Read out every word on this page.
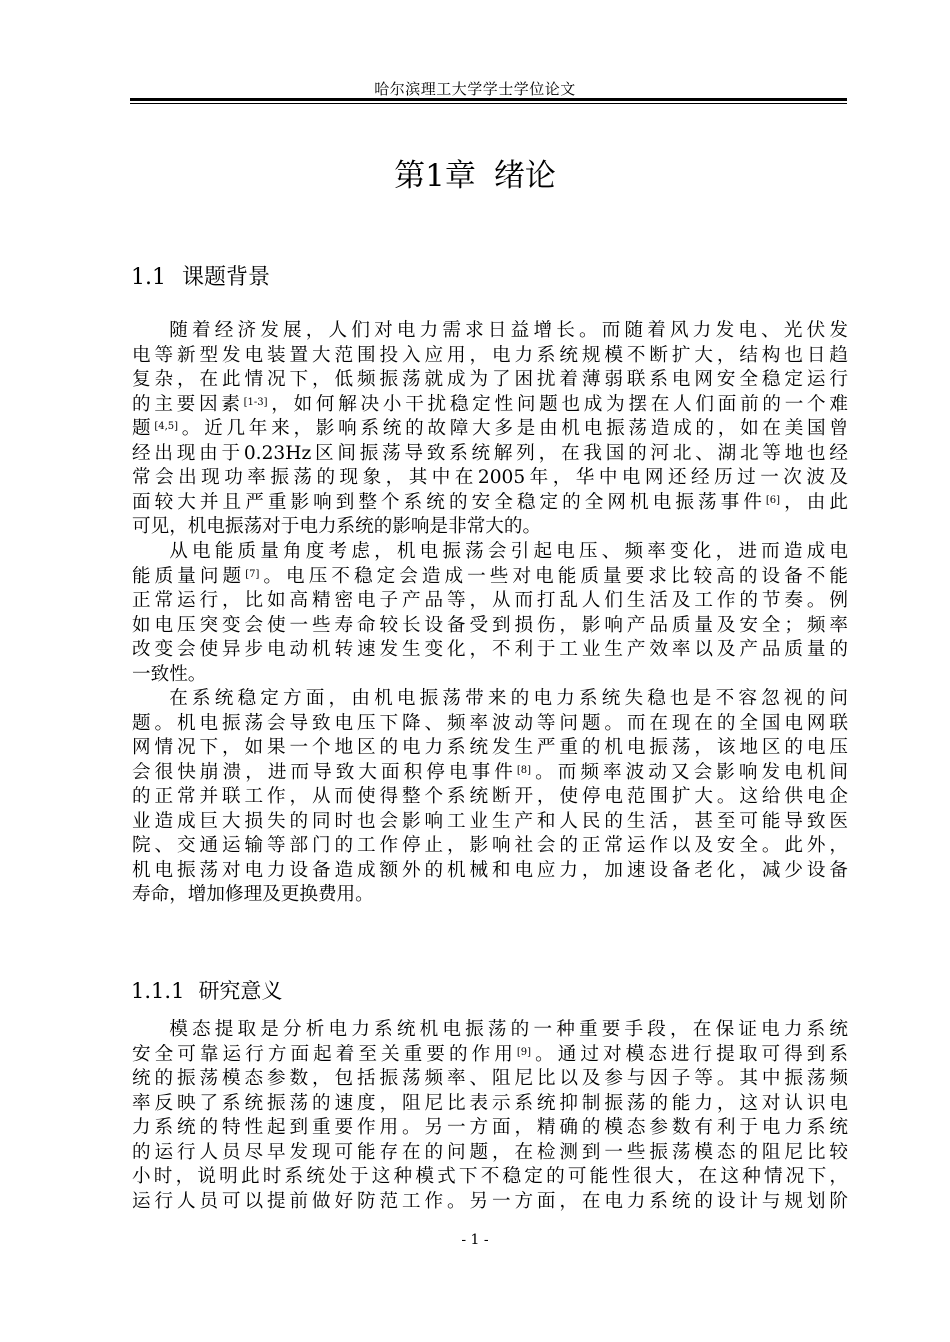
哈尔滨理工大学学士学位论文
第1章 绪论
1.1 课题背景
随着经济发展，人们对电力需求日益增长。而随着风力发电、光伏发
电等新型发电装置大范围投入应用，电力系统规模不断扩大，结构也日趋
复杂，在此情况下，低频振荡就成为了困扰着薄弱联系电网安全稳定运行
的主要因素[1-3]，如何解决小干扰稳定性问题也成为摆在人们面前的一个难
题[4,5]。近几年来，影响系统的故障大多是由机电振荡造成的，如在美国曾
经出现由于0.23Hz区间振荡导致系统解列，在我国的河北、湖北等地也经
常会出现功率振荡的现象，其中在2005年，华中电网还经历过一次波及
面较大并且严重影响到整个系统的安全稳定的全网机电振荡事件[6]，由此
可见，机电振荡对于电力系统的影响是非常大的。
从电能质量角度考虑，机电振荡会引起电压、频率变化，进而造成电
能质量问题[7]。电压不稳定会造成一些对电能质量要求比较高的设备不能
正常运行，比如高精密电子产品等，从而打乱人们生活及工作的节奏。例
如电压突变会使一些寿命较长设备受到损伤，影响产品质量及安全；频率
改变会使异步电动机转速发生变化，不利于工业生产效率以及产品质量的
一致性。
在系统稳定方面，由机电振荡带来的电力系统失稳也是不容忽视的问
题。机电振荡会导致电压下降、频率波动等问题。而在现在的全国电网联
网情况下，如果一个地区的电力系统发生严重的机电振荡，该地区的电压
会很快崩溃，进而导致大面积停电事件[8]。而频率波动又会影响发电机间
的正常并联工作，从而使得整个系统断开，使停电范围扩大。这给供电企
业造成巨大损失的同时也会影响工业生产和人民的生活，甚至可能导致医
院、交通运输等部门的工作停止，影响社会的正常运作以及安全。此外，
机电振荡对电力设备造成额外的机械和电应力，加速设备老化，减少设备
寿命，增加修理及更换费用。
1.1.1 研究意义
模态提取是分析电力系统机电振荡的一种重要手段，在保证电力系统
安全可靠运行方面起着至关重要的作用[9]。通过对模态进行提取可得到系
统的振荡模态参数，包括振荡频率、阻尼比以及参与因子等。其中振荡频
率反映了系统振荡的速度，阻尼比表示系统抑制振荡的能力，这对认识电
力系统的特性起到重要作用。另一方面，精确的模态参数有利于电力系统
的运行人员尽早发现可能存在的问题，在检测到一些振荡模态的阻尼比较
小时，说明此时系统处于这种模式下不稳定的可能性很大，在这种情况下，
运行人员可以提前做好防范工作。另一方面，在电力系统的设计与规划阶
- 1 -
